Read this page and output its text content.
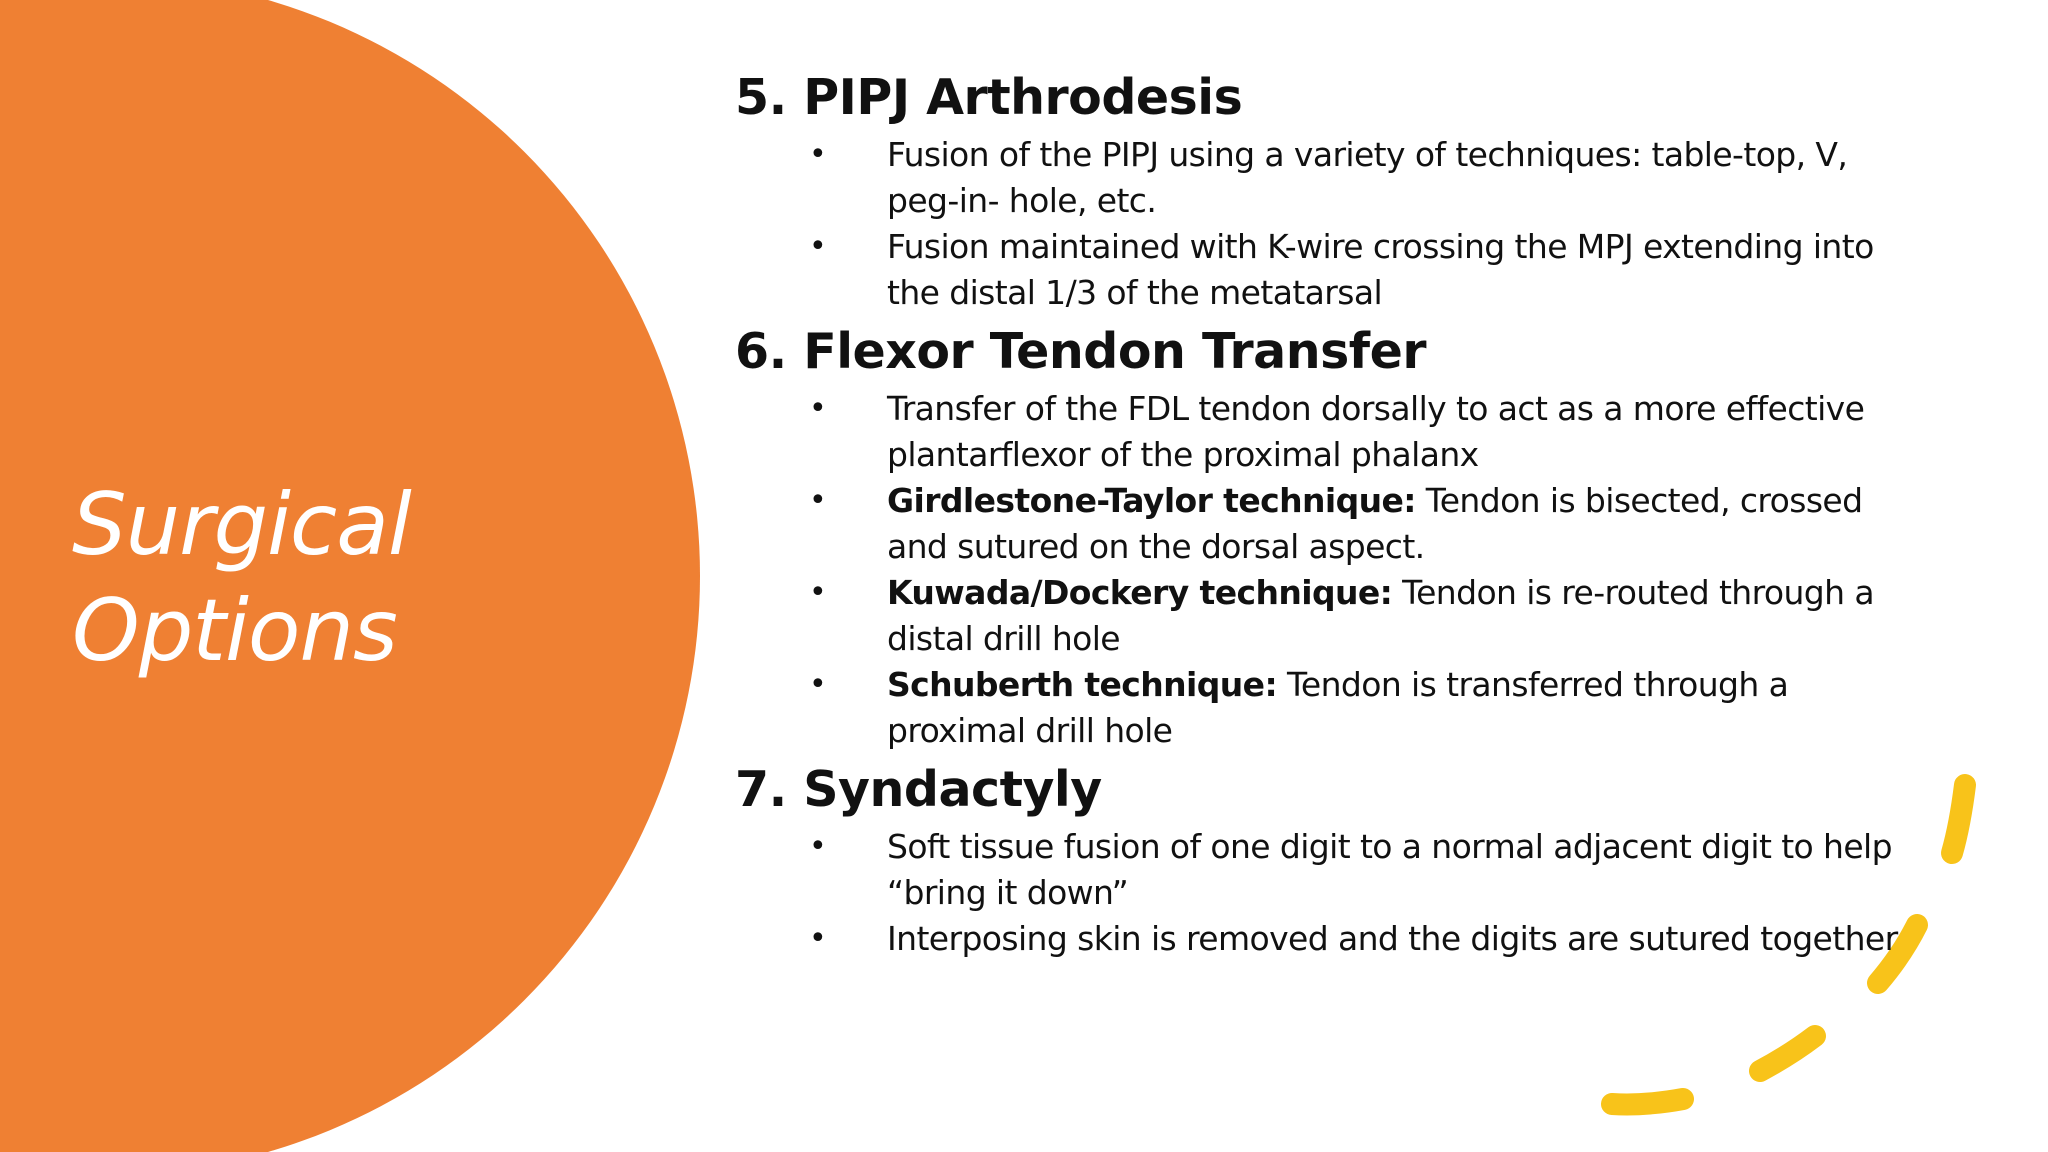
Surgical
Options
5. PIPJ Arthrodesis
• Fusion of the PIPJ using a variety of techniques: table-top, V, peg-in- hole, etc.
• Fusion maintained with K-wire crossing the MPJ extending into the distal 1/3 of the metatarsal
6. Flexor Tendon Transfer
• Transfer of the FDL tendon dorsally to act as a more effective plantarflexor of the proximal phalanx
• Girdlestone-Taylor technique: Tendon is bisected, crossed and sutured on the dorsal aspect.
• Kuwada/Dockery technique: Tendon is re-routed through a distal drill hole
• Schuberth technique: Tendon is transferred through a proximal drill hole
7. Syndactyly
• Soft tissue fusion of one digit to a normal adjacent digit to help “bring it down”
• Interposing skin is removed and the digits are sutured together
